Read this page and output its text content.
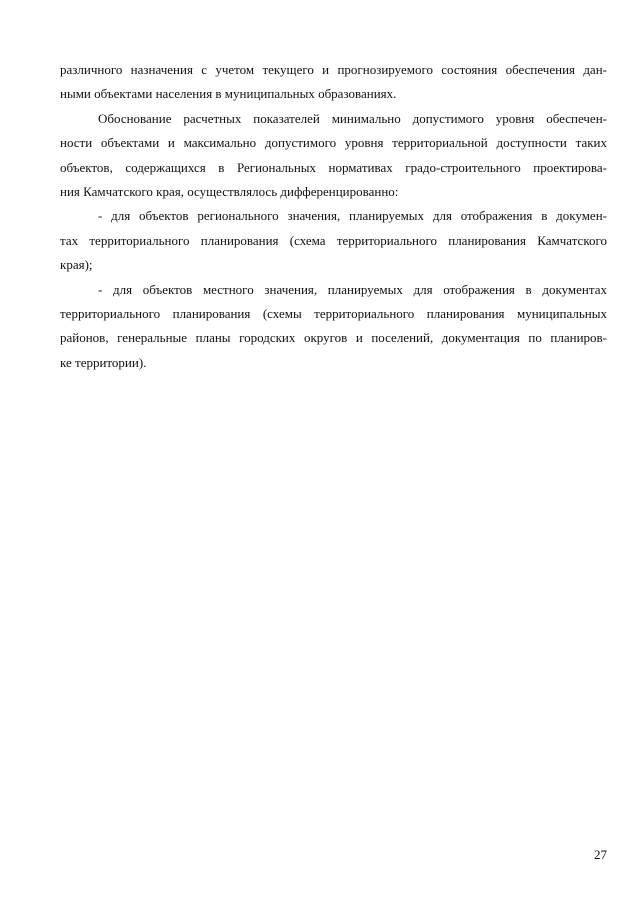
различного назначения с учетом текущего и прогнозируемого состояния обеспечения дан-
ными объектами населения в муниципальных образованиях.
Обоснование расчетных показателей минимально допустимого уровня обеспечен-
ности объектами и максимально допустимого уровня территориальной доступности таких
объектов, содержащихся в Региональных нормативах градо-строительного проектирова-
ния Камчатского края, осуществлялось дифференцированно:
- для объектов регионального значения, планируемых для отображения в докумен-
тах территориального планирования (схема территориального планирования Камчатского
края);
- для объектов местного значения, планируемых для отображения в документах
территориального планирования (схемы территориального планирования муниципальных
районов, генеральные планы городских округов и поселений, документация по планиров-
ке территории).
27
